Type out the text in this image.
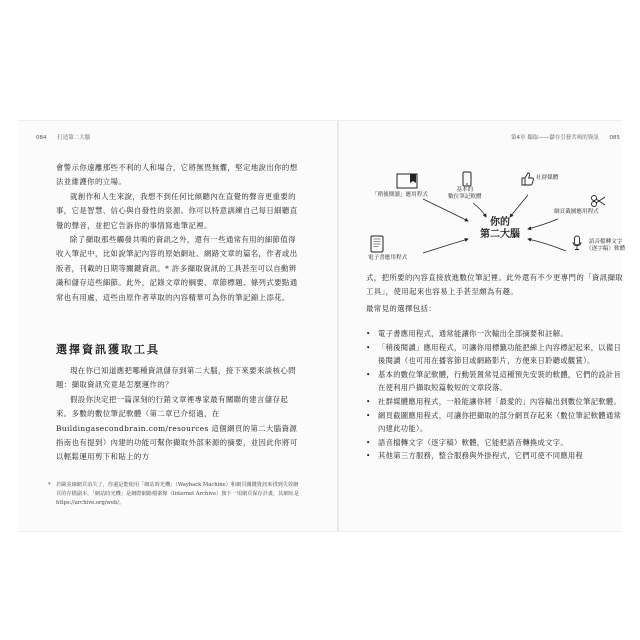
084 打造第二大腦

會警示你遠離那些不利的人和場合，它將無畏無懼，堅定地說出你的想法並維護你的立場。

就創作和人生來說，我想不到任何比傾聽內在直覺的聲音更重要的事，它是智慧、信心與自發性的泉源。你可以特意訓練自己每日細聽直覺的聲音，並把它告訴你的事情寫進筆記裡。

除了擷取那些觸發共鳴的資訊之外，還有一些通常有用的細節值得收入筆記中，比如說筆記內容的原始網址、網路文章的篇名，作者或出版者，刊載的日期等關鍵資訊。* 許多擷取資訊的工具甚至可以自動辨識和儲存這些細節。此外，記錄文章的綱要、章節標題、條列式要點通常也有用處，這些由原作者萃取的內容精華可為你的筆記錦上添花。

選擇資訊獲取工具

現在你已知道應把哪種資訊儲存到第二大腦，接下來要來談核心問題：擷取資訊究竟是怎麼運作的？

假設你決定把一篇深刻的行銷文章裡專家最有關聯的建言儲存起來。多數的數位筆記軟體（第二章已介紹過，在 Buildingasecondbrain.com/resources 這個網頁的第二大腦資源指南也有提到）內建的功能可幫你擷取外部來源的摘要，並因此你將可以輕鬆運用剪下和貼上的方

* 若歐美線網頁消失了，你還是能使用「網站時光機」（Wayback Machine）和網頁關鍵資訊來找到失效網頁的存檔副本。「網站時光機」是網際網路檔案館（Internet Archive）旗下一項網頁保存計畫，其網址是 https://archive.org/web/。
第4章 擷取——儲存引發共鳴的資訊 085
「稍後閱讀」應用程式
基本的
數位筆記軟體
社群媒體
網頁截圖應用程式
你的
第二大腦
電子書應用程式
語音檔轉文字
（逐字稿）軟體

式，把所要的內容直接放進數位筆記裡。此外還有不少更專門的「資訊擷取工具」，使用起來也容易上手甚至頗為有趣。

最常見的選擇包括：
• 電子書應用程式，通常能讓你一次輸出全部摘要和註解。
• 「稍後閱讀」應用程式，可讓你用標籤功能把線上內容標記起來，以備日後閱讀（也可用在播客節目或網路影片，方便來日聆聽或觀賞）。
• 基本的數位筆記軟體，行動裝置常見這種預先安裝的軟體，它們的設計旨在使利用戶擷取短篇較短的文章段落。
• 社群媒體應用程式，一般能讓你將「最愛的」內容輸出到數位筆記軟體。
• 網頁截圖應用程式，可讓你把擷取的部分網頁存起來（數位筆記軟體通常內建此功能）。
• 語音檔轉文字（逐字稿）軟體，它能把語音轉換成文字。
• 其他第三方服務，整合服務與外掛程式，它們可使不同應用程
